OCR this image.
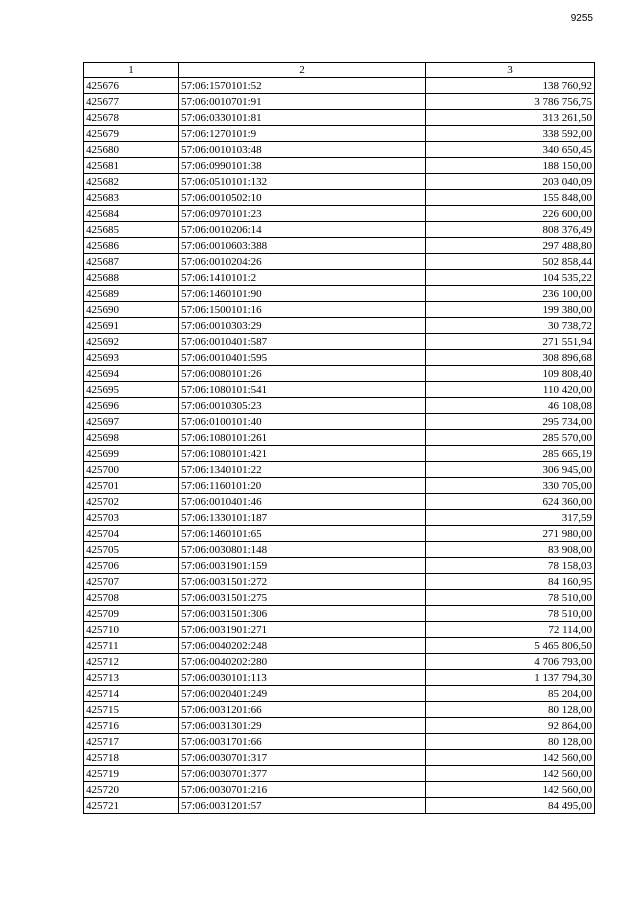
9255
1	2	3
425676	57:06:1570101:52	138 760,92
425677	57:06:0010701:91	3 786 756,75
425678	57:06:0330101:81	313 261,50
425679	57:06:1270101:9	338 592,00
425680	57:06:0010103:48	340 650,45
425681	57:06:0990101:38	188 150,00
425682	57:06:0510101:132	203 040,09
425683	57:06:0010502:10	155 848,00
425684	57:06:0970101:23	226 600,00
425685	57:06:0010206:14	808 376,49
425686	57:06:0010603:388	297 488,80
425687	57:06:0010204:26	502 858,44
425688	57:06:1410101:2	104 535,22
425689	57:06:1460101:90	236 100,00
425690	57:06:1500101:16	199 380,00
425691	57:06:0010303:29	30 738,72
425692	57:06:0010401:587	271 551,94
425693	57:06:0010401:595	308 896,68
425694	57:06:0080101:26	109 808,40
425695	57:06:1080101:541	110 420,00
425696	57:06:0010305:23	46 108,08
425697	57:06:0100101:40	295 734,00
425698	57:06:1080101:261	285 570,00
425699	57:06:1080101:421	285 665,19
425700	57:06:1340101:22	306 945,00
425701	57:06:1160101:20	330 705,00
425702	57:06:0010401:46	624 360,00
425703	57:06:1330101:187	317,59
425704	57:06:1460101:65	271 980,00
425705	57:06:0030801:148	83 908,00
425706	57:06:0031901:159	78 158,03
425707	57:06:0031501:272	84 160,95
425708	57:06:0031501:275	78 510,00
425709	57:06:0031501:306	78 510,00
425710	57:06:0031901:271	72 114,00
425711	57:06:0040202:248	5 465 806,50
425712	57:06:0040202:280	4 706 793,00
425713	57:06:0030101:113	1 137 794,30
425714	57:06:0020401:249	85 204,00
425715	57:06:0031201:66	80 128,00
425716	57:06:0031301:29	92 864,00
425717	57:06:0031701:66	80 128,00
425718	57:06:0030701:317	142 560,00
425719	57:06:0030701:377	142 560,00
425720	57:06:0030701:216	142 560,00
425721	57:06:0031201:57	84 495,00
